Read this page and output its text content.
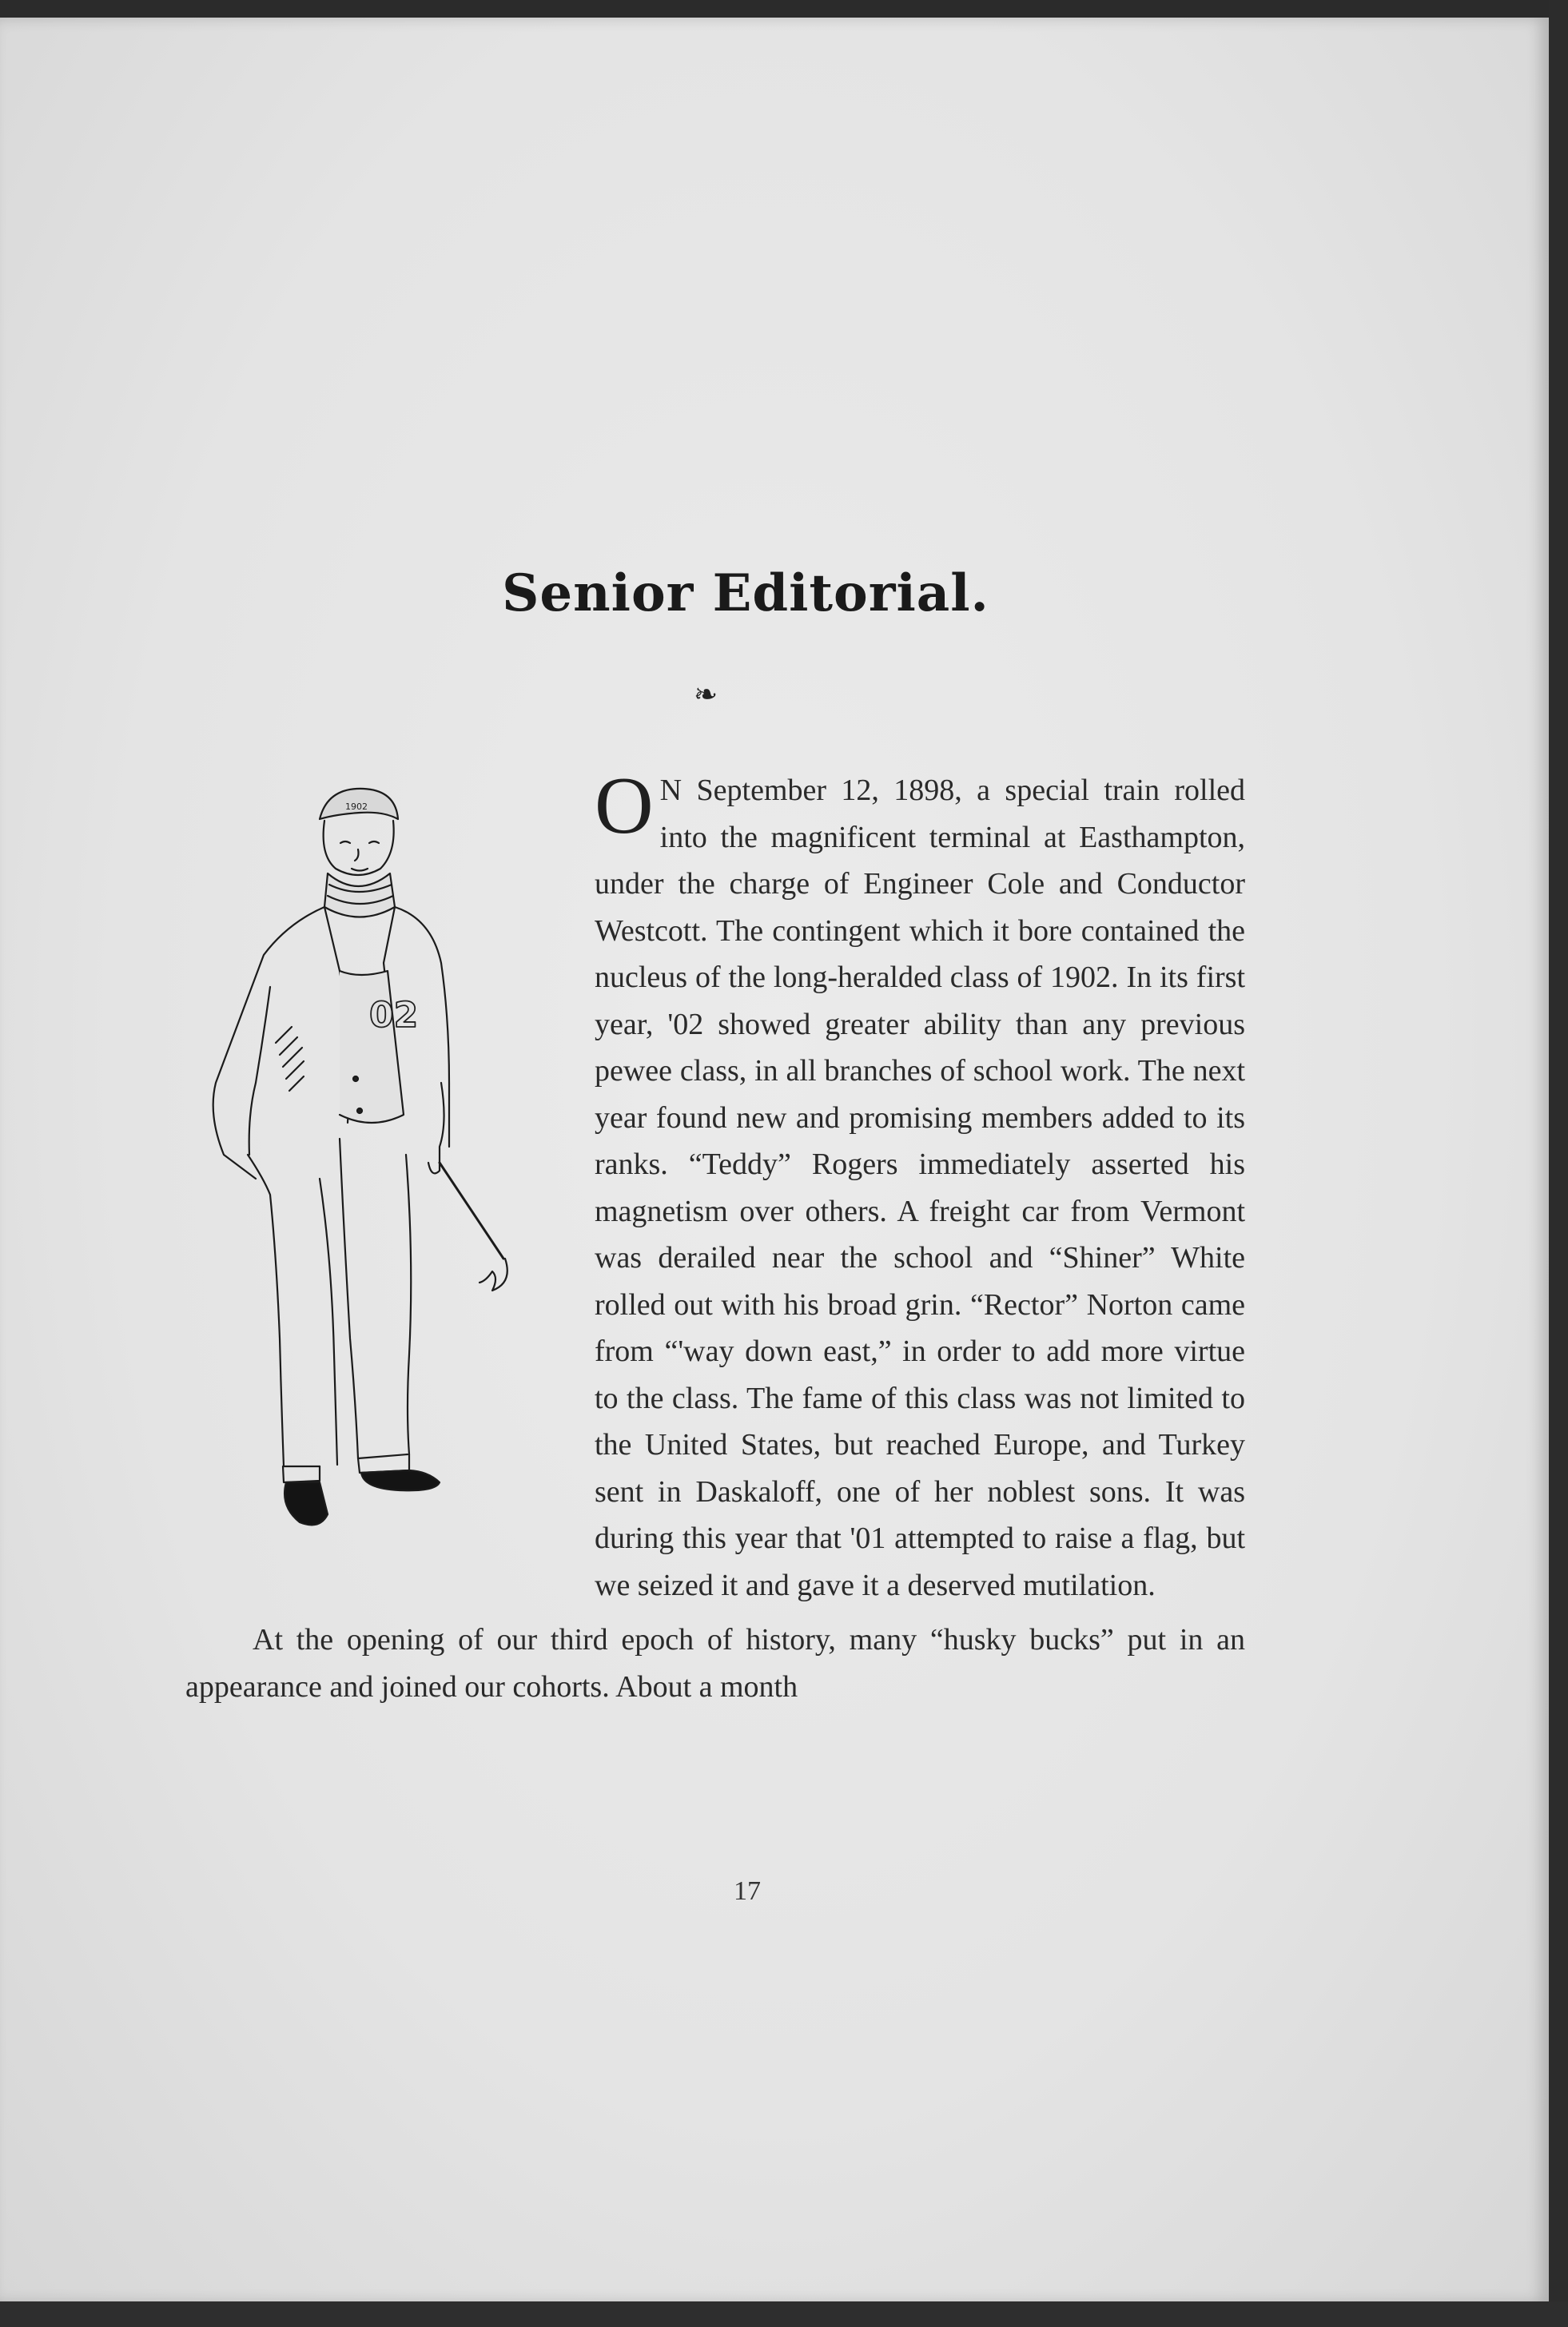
Senior Editorial.
❧
1902
02

O N September 12, 1898, a special train rolled into the magnificent terminal at Easthampton, under the charge of Engineer Cole and Conductor Westcott. The contingent which it bore contained the nucleus of the long-heralded class of 1902. In its first year, '02 showed greater ability than any previous pewee class, in all branches of school work. The next year found new and promising members added to its ranks. “Teddy” Rogers immediately asserted his magnetism over others. A freight car from Vermont was derailed near the school and “Shiner” White rolled out with his broad grin. “Rector” Norton came from “'way down east,” in order to add more virtue to the class. The fame of this class was not limited to the United States, but reached Europe, and Turkey sent in Daskaloff, one of her noblest sons. It was during this year that '01 attempted to raise a flag, but we seized it and gave it a deserved mutilation.

At the opening of our third epoch of history, many “husky bucks” put in an appearance and joined our cohorts. About a month

17
